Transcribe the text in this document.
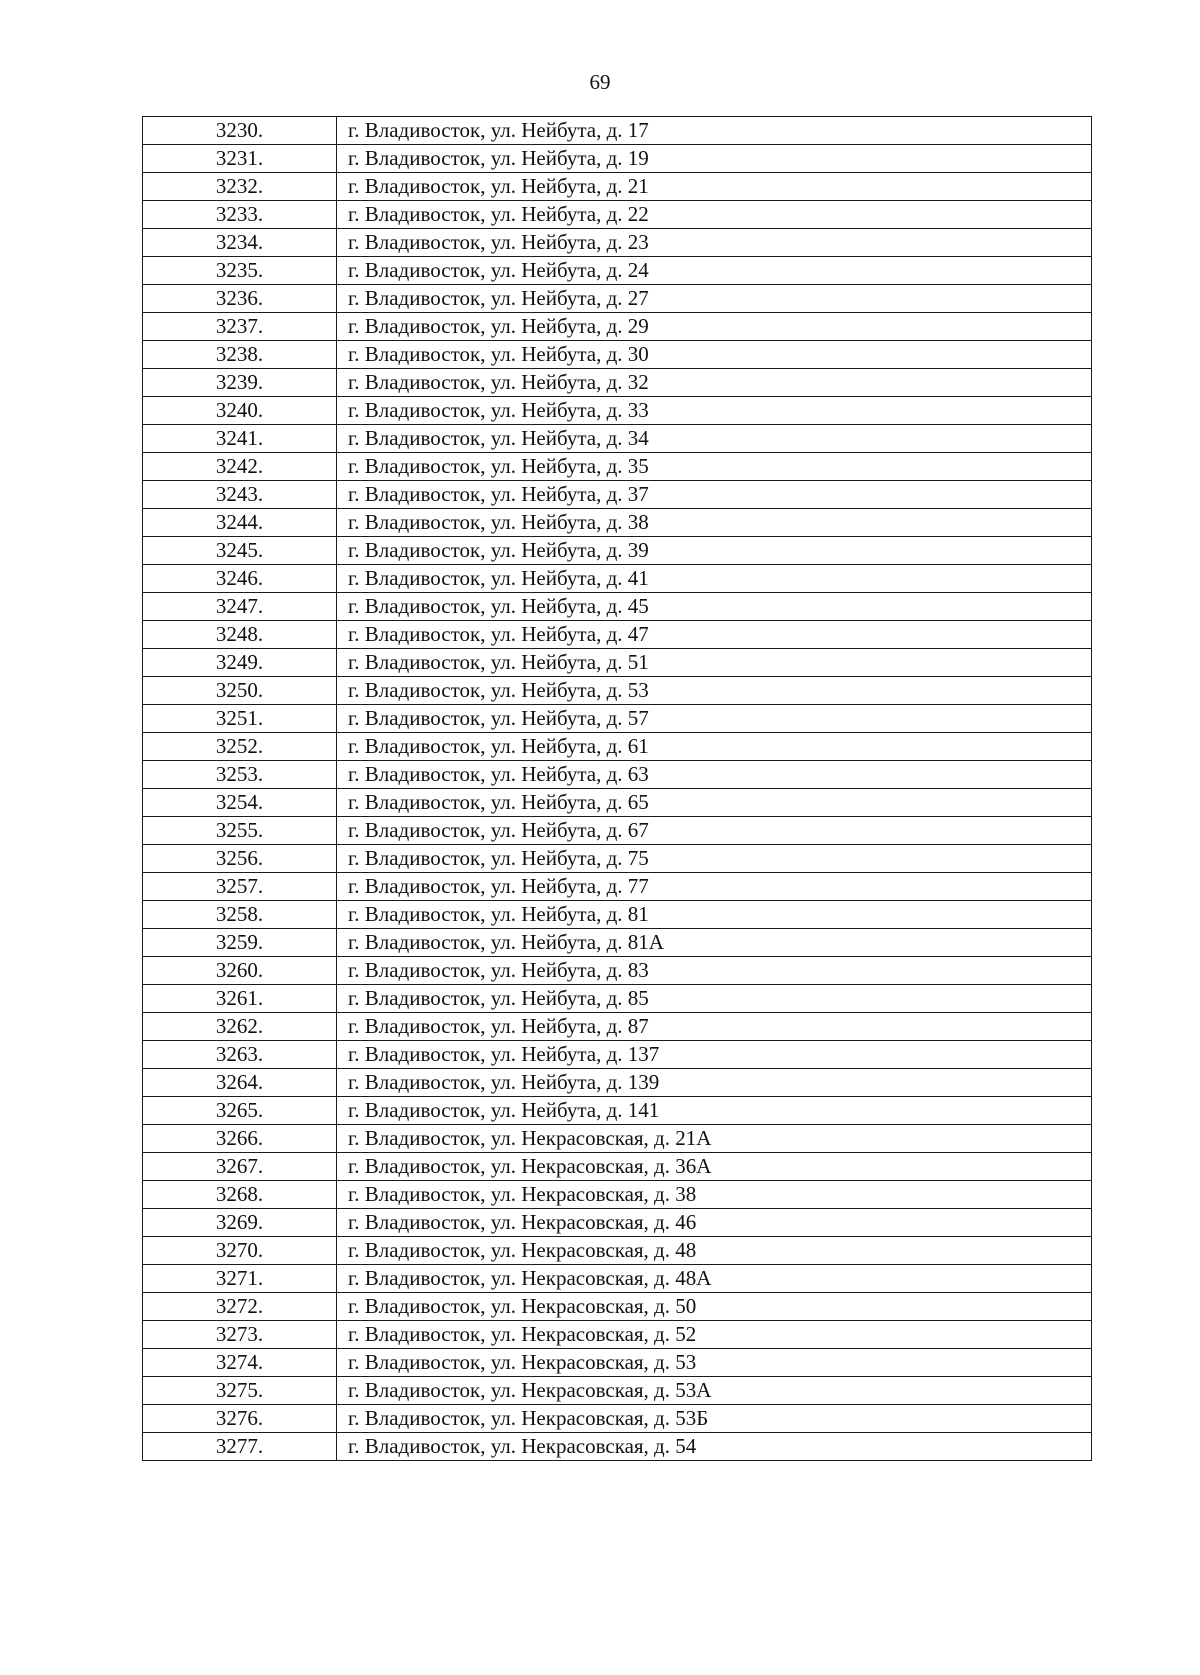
69
3230.	г. Владивосток, ул. Нейбута, д. 17
3231.	г. Владивосток, ул. Нейбута, д. 19
3232.	г. Владивосток, ул. Нейбута, д. 21
3233.	г. Владивосток, ул. Нейбута, д. 22
3234.	г. Владивосток, ул. Нейбута, д. 23
3235.	г. Владивосток, ул. Нейбута, д. 24
3236.	г. Владивосток, ул. Нейбута, д. 27
3237.	г. Владивосток, ул. Нейбута, д. 29
3238.	г. Владивосток, ул. Нейбута, д. 30
3239.	г. Владивосток, ул. Нейбута, д. 32
3240.	г. Владивосток, ул. Нейбута, д. 33
3241.	г. Владивосток, ул. Нейбута, д. 34
3242.	г. Владивосток, ул. Нейбута, д. 35
3243.	г. Владивосток, ул. Нейбута, д. 37
3244.	г. Владивосток, ул. Нейбута, д. 38
3245.	г. Владивосток, ул. Нейбута, д. 39
3246.	г. Владивосток, ул. Нейбута, д. 41
3247.	г. Владивосток, ул. Нейбута, д. 45
3248.	г. Владивосток, ул. Нейбута, д. 47
3249.	г. Владивосток, ул. Нейбута, д. 51
3250.	г. Владивосток, ул. Нейбута, д. 53
3251.	г. Владивосток, ул. Нейбута, д. 57
3252.	г. Владивосток, ул. Нейбута, д. 61
3253.	г. Владивосток, ул. Нейбута, д. 63
3254.	г. Владивосток, ул. Нейбута, д. 65
3255.	г. Владивосток, ул. Нейбута, д. 67
3256.	г. Владивосток, ул. Нейбута, д. 75
3257.	г. Владивосток, ул. Нейбута, д. 77
3258.	г. Владивосток, ул. Нейбута, д. 81
3259.	г. Владивосток, ул. Нейбута, д. 81А
3260.	г. Владивосток, ул. Нейбута, д. 83
3261.	г. Владивосток, ул. Нейбута, д. 85
3262.	г. Владивосток, ул. Нейбута, д. 87
3263.	г. Владивосток, ул. Нейбута, д. 137
3264.	г. Владивосток, ул. Нейбута, д. 139
3265.	г. Владивосток, ул. Нейбута, д. 141
3266.	г. Владивосток, ул. Некрасовская, д. 21А
3267.	г. Владивосток, ул. Некрасовская, д. 36А
3268.	г. Владивосток, ул. Некрасовская, д. 38
3269.	г. Владивосток, ул. Некрасовская, д. 46
3270.	г. Владивосток, ул. Некрасовская, д. 48
3271.	г. Владивосток, ул. Некрасовская, д. 48А
3272.	г. Владивосток, ул. Некрасовская, д. 50
3273.	г. Владивосток, ул. Некрасовская, д. 52
3274.	г. Владивосток, ул. Некрасовская, д. 53
3275.	г. Владивосток, ул. Некрасовская, д. 53А
3276.	г. Владивосток, ул. Некрасовская, д. 53Б
3277.	г. Владивосток, ул. Некрасовская, д. 54
